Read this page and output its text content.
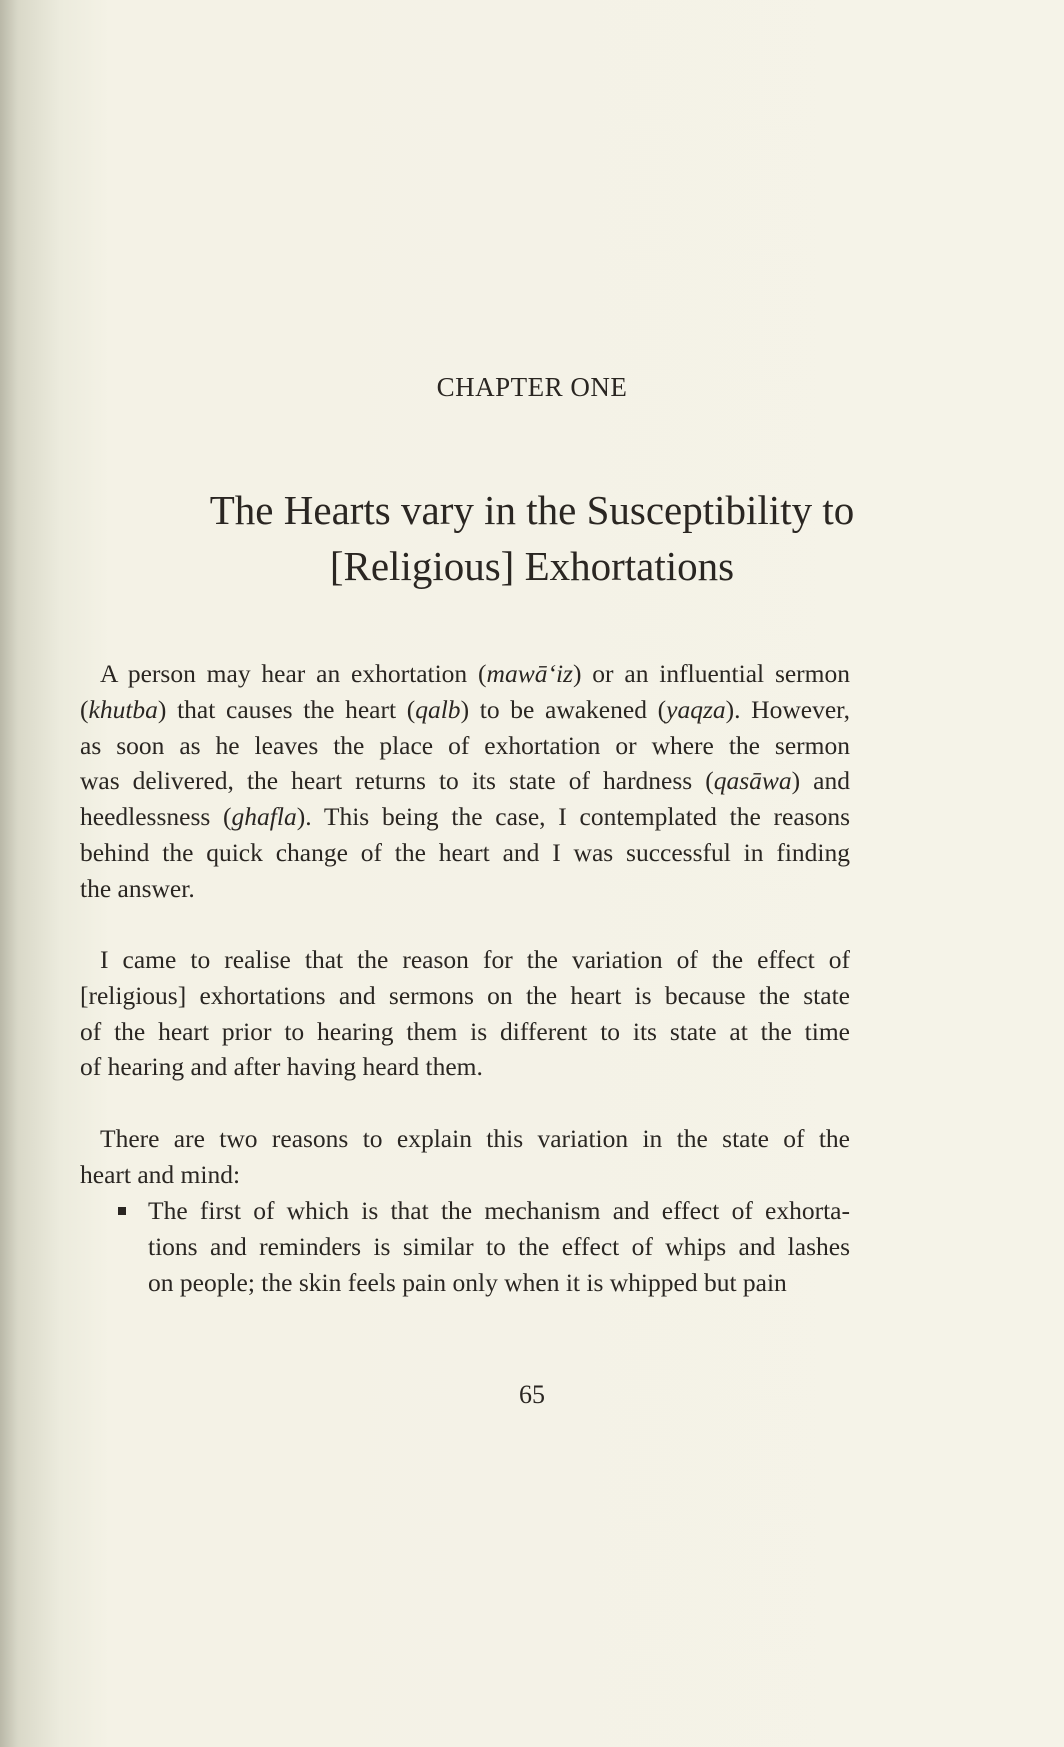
CHAPTER ONE
The Hearts vary in the Susceptibility to
[Religious] Exhortations
A person may hear an exhortation (mawā‘iz) or an influential sermon
(khutba) that causes the heart (qalb) to be awakened (yaqza). However,
as soon as he leaves the place of exhortation or where the sermon
was delivered, the heart returns to its state of hardness (qasāwa) and
heedlessness (ghafla). This being the case, I contemplated the reasons
behind the quick change of the heart and I was successful in finding
the answer.
I came to realise that the reason for the variation of the effect of
[religious] exhortations and sermons on the heart is because the state
of the heart prior to hearing them is different to its state at the time
of hearing and after having heard them.
There are two reasons to explain this variation in the state of the
heart and mind:
The first of which is that the mechanism and effect of exhorta-
tions and reminders is similar to the effect of whips and lashes
on people; the skin feels pain only when it is whipped but pain
65
